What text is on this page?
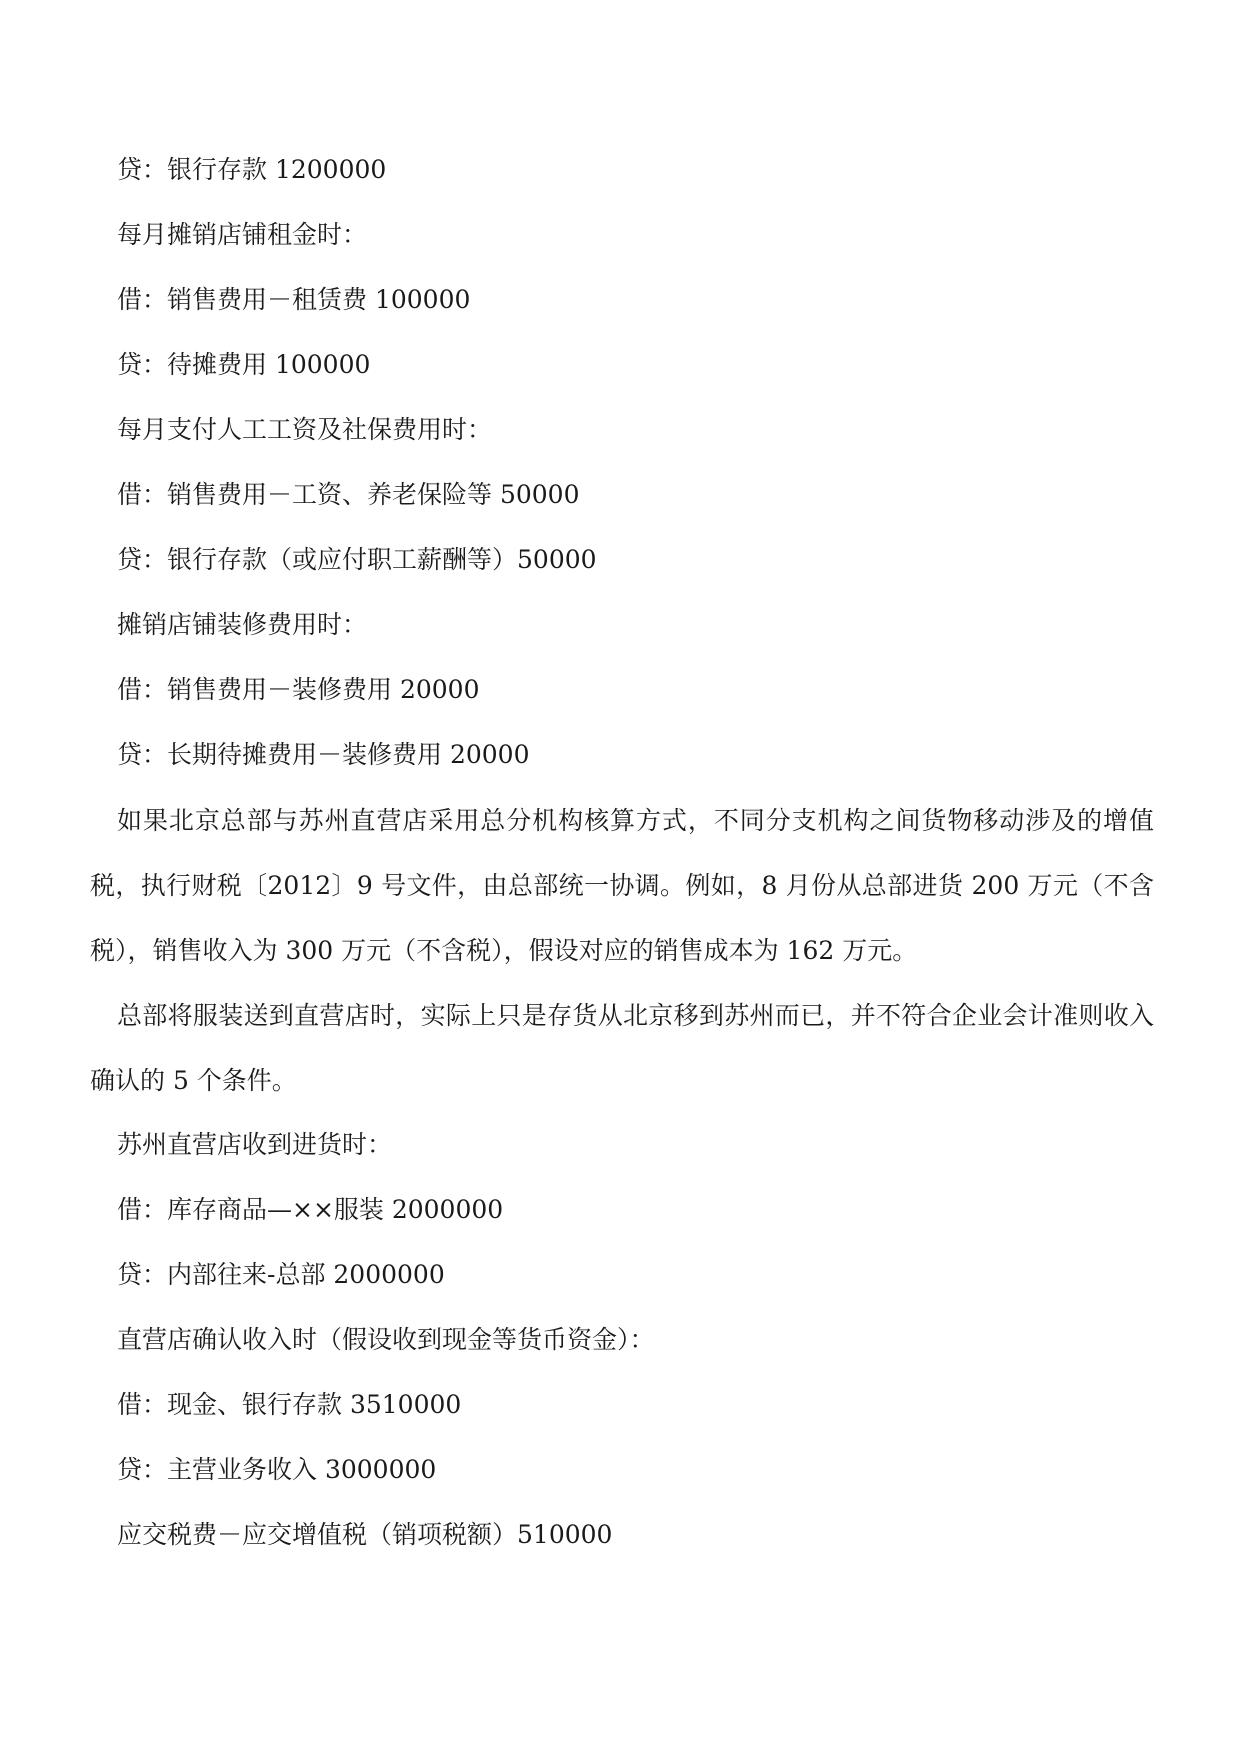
贷：银行存款 1200000
每月摊销店铺租金时：
借：销售费用－租赁费 100000
贷：待摊费用 100000
每月支付人工工资及社保费用时：
借：销售费用－工资、养老保险等 50000
贷：银行存款（或应付职工薪酬等）50000
摊销店铺装修费用时：
借：销售费用－装修费用 20000
贷：长期待摊费用－装修费用 20000

如果北京总部与苏州直营店采用总分机构核算方式，不同分支机构之间货物移动涉及的增值税，执行财税〔2012〕9 号文件，由总部统一协调。例如，8 月份从总部进货 200 万元（不含税），销售收入为 300 万元（不含税），假设对应的销售成本为 162 万元。

总部将服装送到直营店时，实际上只是存货从北京移到苏州而已，并不符合企业会计准则收入确认的 5 个条件。

苏州直营店收到进货时：
借：库存商品—××服装 2000000
贷：内部往来-总部 2000000
直营店确认收入时（假设收到现金等货币资金）：
借：现金、银行存款 3510000
贷：主营业务收入 3000000
应交税费－应交增值税（销项税额）510000
